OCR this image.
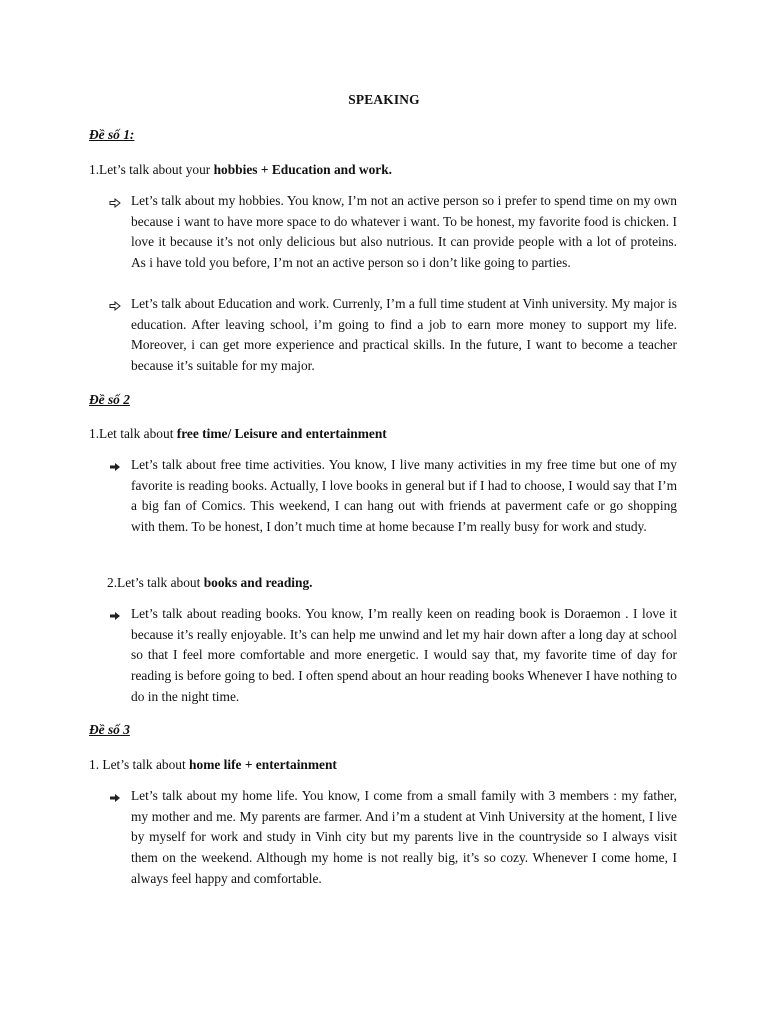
SPEAKING
Đề số 1:
1.Let’s talk about your hobbies + Education and work.
Let’s talk about my hobbies. You know, I’m not an active person so i prefer to spend time on my own because i want to have more space to do whatever i want. To be honest, my favorite food is chicken. I love it because it’s not only delicious but also nutrious. It can provide people with a lot of proteins. As i have told you before, I’m not an active person so i don’t like going to parties.
Let’s talk about Education and work. Currenly, I’m a full time student at Vinh university. My major is education. After leaving school, i’m going to find a job to earn more money to support my life. Moreover, i can get more experience and practical skills. In the future, I want to become a teacher because it’s suitable for my major.
Đề số 2
1.Let talk about free time/ Leisure and entertainment
Let’s talk about free time activities. You know, I live many activities in my free time but one of my favorite is reading books. Actually, I love books in general but if I had to choose, I would say that I’m a big fan of Comics. This weekend, I can hang out with friends at paverment cafe or go shopping with them. To be honest, I don’t much time at home because I’m really busy for work and study.
2.Let’s talk about books and reading.
Let’s talk about reading books. You know, I’m really keen on reading book is Doraemon . I love it because it’s really enjoyable. It’s can help me unwind and let my hair down after a long day at school so that I feel more comfortable and more energetic. I would say that, my favorite time of day for reading is before going to bed. I often spend about an hour reading books Whenever I have nothing to do in the night time.
Đề số 3
1. Let’s talk about home life + entertainment
Let’s talk about my home life. You know, I come from a small family with 3 members : my father, my mother and me. My parents are farmer. And i’m a student at Vinh University at the homent, I live by myself for work and study in Vinh city but my parents live in the countryside so I always visit them on the weekend. Although my home is not really big, it’s so cozy. Whenever I come home, I always feel happy and comfortable.
